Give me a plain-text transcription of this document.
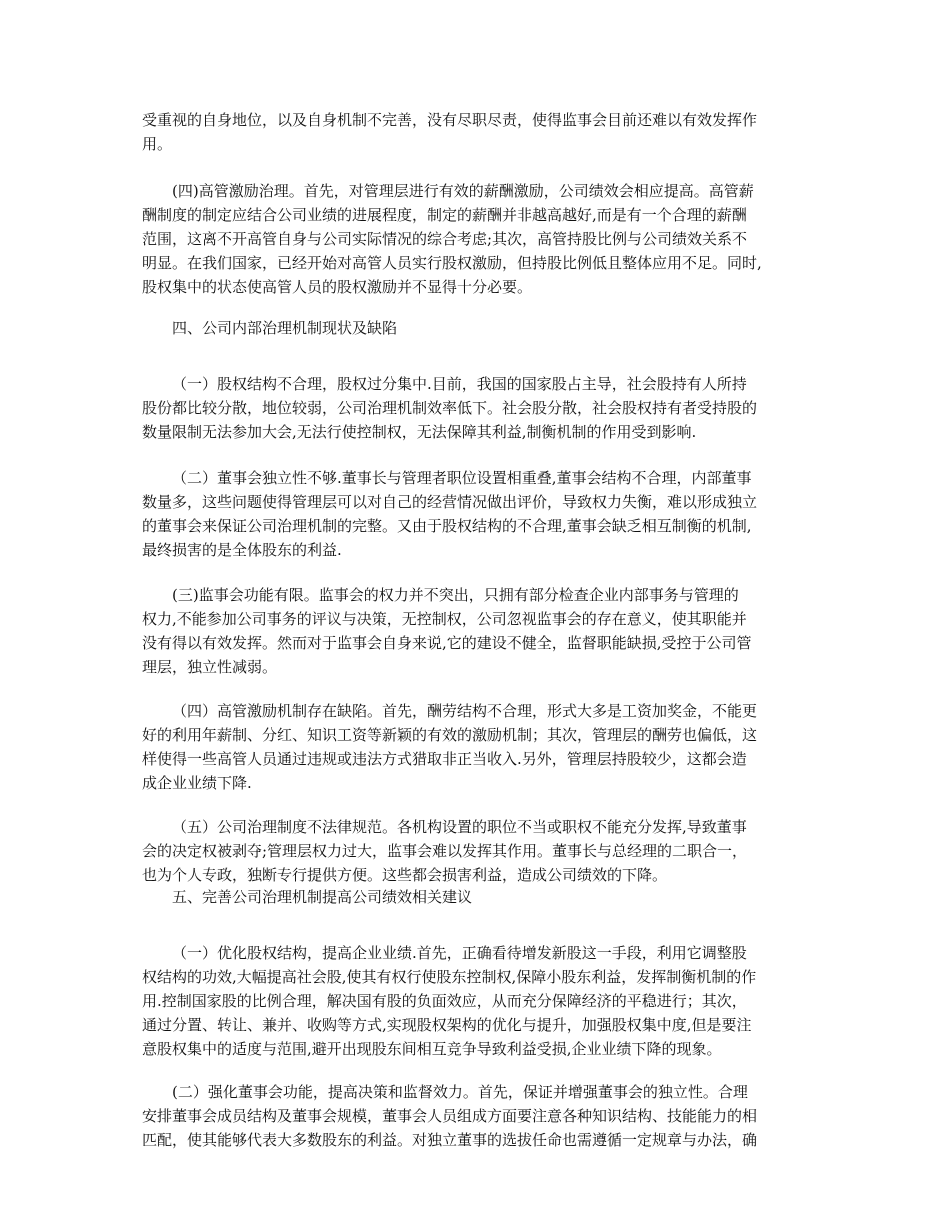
受重视的自身地位，以及自身机制不完善，没有尽职尽责，使得监事会目前还难以有效发挥作
用。
(四)高管激励治理。首先，对管理层进行有效的薪酬激励，公司绩效会相应提高。高管薪
酬制度的制定应结合公司业绩的进展程度，制定的薪酬并非越高越好,而是有一个合理的薪酬
范围，这离不开高管自身与公司实际情况的综合考虑;其次，高管持股比例与公司绩效关系不
明显。在我们国家，已经开始对高管人员实行股权激励，但持股比例低且整体应用不足。同时,
股权集中的状态使高管人员的股权激励并不显得十分必要。
四、公司内部治理机制现状及缺陷
（一）股权结构不合理，股权过分集中.目前，我国的国家股占主导，社会股持有人所持
股份都比较分散，地位较弱，公司治理机制效率低下。社会股分散，社会股权持有者受持股的
数量限制无法参加大会,无法行使控制权，无法保障其利益,制衡机制的作用受到影响.
（二）董事会独立性不够.董事长与管理者职位设置相重叠,董事会结构不合理，内部董事
数量多，这些问题使得管理层可以对自己的经营情况做出评价，导致权力失衡，难以形成独立
的董事会来保证公司治理机制的完整。又由于股权结构的不合理,董事会缺乏相互制衡的机制,
最终损害的是全体股东的利益.
(三)监事会功能有限。监事会的权力并不突出，只拥有部分检查企业内部事务与管理的
权力,不能参加公司事务的评议与决策，无控制权，公司忽视监事会的存在意义，使其职能并
没有得以有效发挥。然而对于监事会自身来说,它的建设不健全，监督职能缺损,受控于公司管
理层，独立性减弱。
（四）高管激励机制存在缺陷。首先，酬劳结构不合理，形式大多是工资加奖金，不能更
好的利用年薪制、分红、知识工资等新颖的有效的激励机制；其次，管理层的酬劳也偏低，这
样使得一些高管人员通过违规或违法方式猎取非正当收入.另外，管理层持股较少，这都会造
成企业业绩下降.
（五）公司治理制度不法律规范。各机构设置的职位不当或职权不能充分发挥,导致董事
会的决定权被剥夺;管理层权力过大，监事会难以发挥其作用。董事长与总经理的二职合一，
也为个人专政，独断专行提供方便。这些都会损害利益，造成公司绩效的下降。
五、完善公司治理机制提高公司绩效相关建议
（一）优化股权结构，提高企业业绩.首先，正确看待增发新股这一手段，利用它调整股
权结构的功效,大幅提高社会股,使其有权行使股东控制权,保障小股东利益，发挥制衡机制的作
用.控制国家股的比例合理，解决国有股的负面效应，从而充分保障经济的平稳进行；其次，
通过分置、转让、兼并、收购等方式,实现股权架构的优化与提升，加强股权集中度,但是要注
意股权集中的适度与范围,避开出现股东间相互竞争导致利益受损,企业业绩下降的现象。
(二）强化董事会功能，提高决策和监督效力。首先，保证并增强董事会的独立性。合理
安排董事会成员结构及董事会规模，董事会人员组成方面要注意各种知识结构、技能能力的相
匹配，使其能够代表大多数股东的利益。对独立董事的选拔任命也需遵循一定规章与办法，确
